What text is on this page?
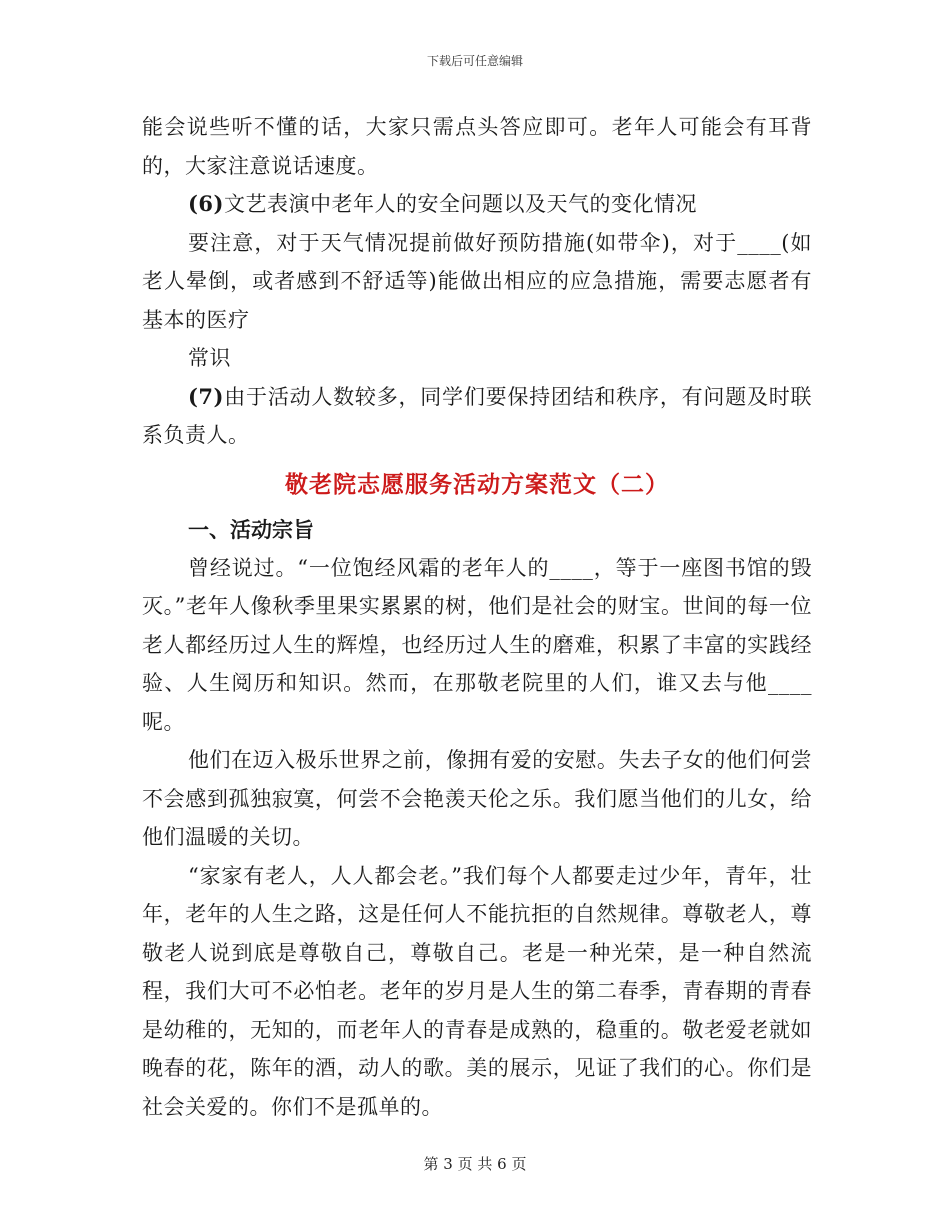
下载后可任意编辑

能会说些听不懂的话，大家只需点头答应即可。老年人可能会有耳背的，大家注意说话速度。

(6)文艺表演中老年人的安全问题以及天气的变化情况

要注意，对于天气情况提前做好预防措施(如带伞)，对于____(如老人晕倒，或者感到不舒适等)能做出相应的应急措施，需要志愿者有基本的医疗

常识

(7)由于活动人数较多，同学们要保持团结和秩序，有问题及时联系负责人。

敬老院志愿服务活动方案范文（二）
一、活动宗旨

曾经说过。“一位饱经风霜的老年人的____，等于一座图书馆的毁灭。”老年人像秋季里果实累累的树，他们是社会的财宝。世间的每一位老人都经历过人生的辉煌，也经历过人生的磨难，积累了丰富的实践经验、人生阅历和知识。然而，在那敬老院里的人们，谁又去与他____呢。

他们在迈入极乐世界之前，像拥有爱的安慰。失去子女的他们何尝不会感到孤独寂寞，何尝不会艳羡天伦之乐。我们愿当他们的儿女，给他们温暖的关切。

“家家有老人，人人都会老。”我们每个人都要走过少年，青年，壮年，老年的人生之路，这是任何人不能抗拒的自然规律。尊敬老人，尊敬老人说到底是尊敬自己，尊敬自己。老是一种光荣，是一种自然流程，我们大可不必怕老。老年的岁月是人生的第二春季，青春期的青春是幼稚的，无知的，而老年人的青春是成熟的，稳重的。敬老爱老就如晚春的花，陈年的酒，动人的歌。美的展示，见证了我们的心。你们是社会关爱的。你们不是孤单的。

第 3 页 共 6 页
